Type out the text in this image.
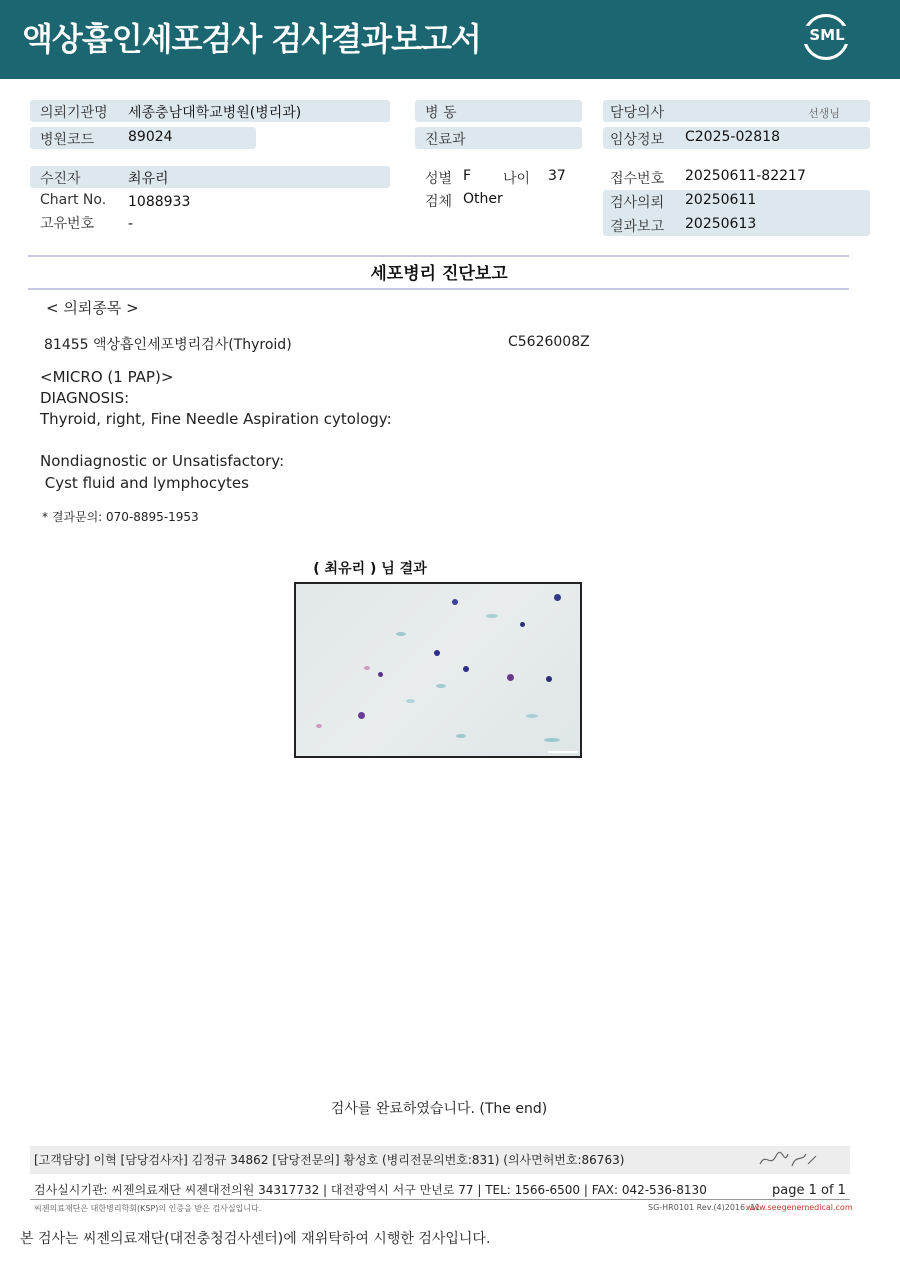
액상흡인세포검사 검사결과보고서	SML
의뢰기관명 세종충남대학교병원(병리과)
병원코드 89024
수진자	최유리
Chart No. 1088933
고유번호 -
병 동
진료과
성별 F 나이 37
검체 Other
담당의사	선생님
임상정보 C2025-02818
접수번호 20250611-82217
검사의뢰 20250611
결과보고 20250613
세포병리 진단보고
< 의뢰종목 >
81455 액상흡인세포병리검사(Thyroid)	C5626008Z
<MICRO (1 PAP)>
DIAGNOSIS:
Thyroid, right, Fine Needle Aspiration cytology:
Nondiagnostic or Unsatisfactory:
Cyst fluid and lymphocytes
* 결과문의: 070-8895-1953
( 최유리 ) 님 결과
검사를 완료하였습니다. (The end)
[고객담당] 이혁 [담당검사자] 김정규 34862 [담당전문의] 황성호 (병리전문의번호:831) (의사면허번호:86763)
검사실시기관: 씨젠의료재단 씨젠대전의원 34317732 | 대전광역시 서구 만년로 77 | TEL: 1566-6500 | FAX: 042-536-8130	page 1 of 1
씨젠의료재단은 대한병리학회(KSP)의 인증을 받은 검사실입니다.	SG-HR0101 Rev.(4)2016. 11
www.seegenemedical.com
본 검사는 씨젠의료재단(대전충청검사센터)에 재위탁하여 시행한 검사입니다.
